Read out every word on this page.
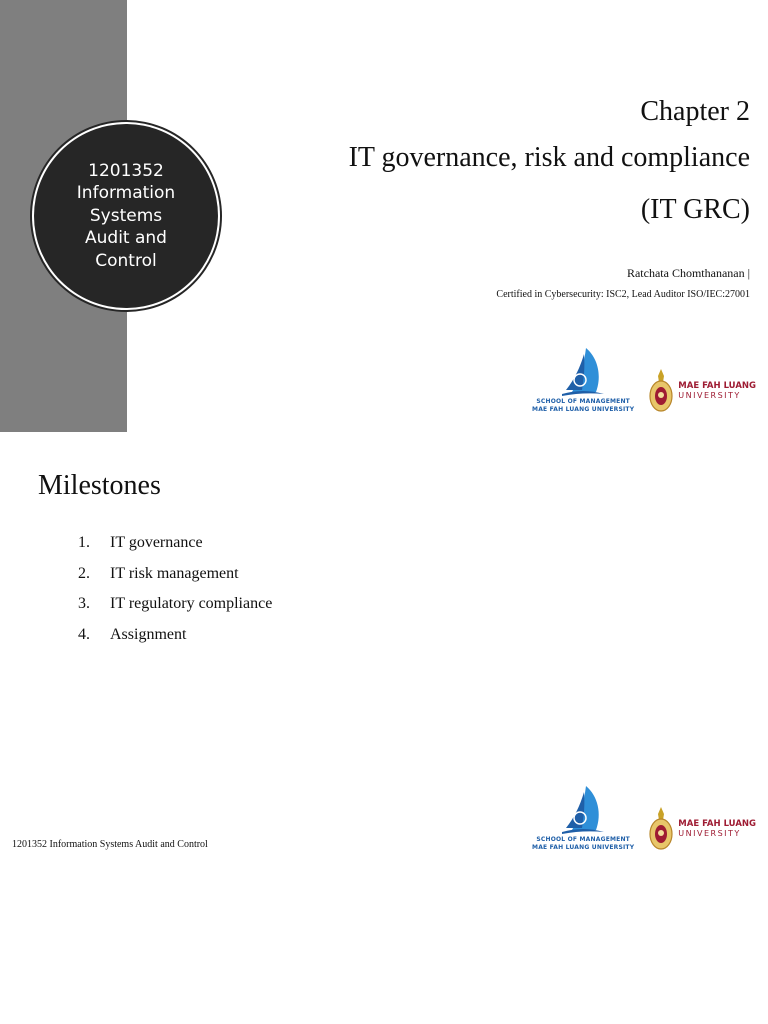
1201352
Information
Systems
Audit and
Control
Chapter 2
IT governance, risk and compliance
(IT GRC)
Ratchata Chomthananan |
Certified in Cybersecurity: ISC2, Lead Auditor ISO/IEC:27001
SCHOOL OF MANAGEMENT
MAE FAH LUANG UNIVERSITY
MAE FAH LUANG
UNIVERSITY
Milestones
1.	IT governance
2.	IT risk management
3.	IT regulatory compliance
4.	Assignment
1201352 Information Systems Audit and Control	SCHOOL OF MANAGEMENT
MAE FAH LUANG UNIVERSITY
MAE FAH LUANG
UNIVERSITY
